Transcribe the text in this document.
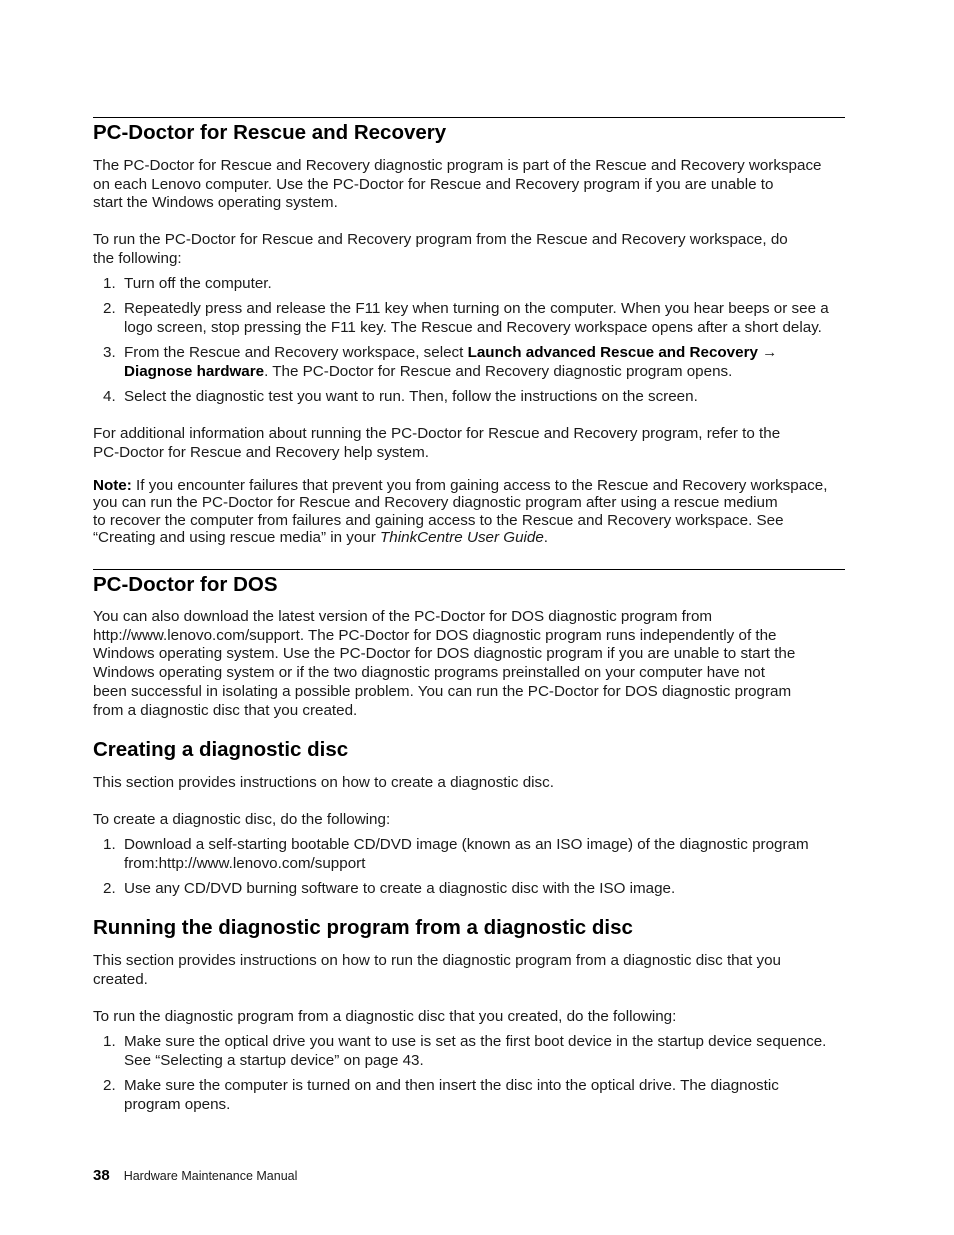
PC-Doctor for Rescue and Recovery

The PC-Doctor for Rescue and Recovery diagnostic program is part of the Rescue and Recovery workspace
on each Lenovo computer. Use the PC-Doctor for Rescue and Recovery program if you are unable to
start the Windows operating system.

To run the PC-Doctor for Rescue and Recovery program from the Rescue and Recovery workspace, do
the following:

1. Turn off the computer.
2. Repeatedly press and release the F11 key when turning on the computer. When you hear beeps or see a
logo screen, stop pressing the F11 key. The Rescue and Recovery workspace opens after a short delay.
3. From the Rescue and Recovery workspace, select Launch advanced Rescue and Recovery →
Diagnose hardware. The PC-Doctor for Rescue and Recovery diagnostic program opens.
4. Select the diagnostic test you want to run. Then, follow the instructions on the screen.

For additional information about running the PC-Doctor for Rescue and Recovery program, refer to the
PC-Doctor for Rescue and Recovery help system.

Note: If you encounter failures that prevent you from gaining access to the Rescue and Recovery workspace,
you can run the PC-Doctor for Rescue and Recovery diagnostic program after using a rescue medium
to recover the computer from failures and gaining access to the Rescue and Recovery workspace. See
“Creating and using rescue media” in your ThinkCentre User Guide.

PC-Doctor for DOS

You can also download the latest version of the PC-Doctor for DOS diagnostic program from
http://www.lenovo.com/support. The PC-Doctor for DOS diagnostic program runs independently of the
Windows operating system. Use the PC-Doctor for DOS diagnostic program if you are unable to start the
Windows operating system or if the two diagnostic programs preinstalled on your computer have not
been successful in isolating a possible problem. You can run the PC-Doctor for DOS diagnostic program
from a diagnostic disc that you created.

Creating a diagnostic disc

This section provides instructions on how to create a diagnostic disc.

To create a diagnostic disc, do the following:

1. Download a self-starting bootable CD/DVD image (known as an ISO image) of the diagnostic program
from:http://www.lenovo.com/support
2. Use any CD/DVD burning software to create a diagnostic disc with the ISO image.
Running the diagnostic program from a diagnostic disc

This section provides instructions on how to run the diagnostic program from a diagnostic disc that you
created.

To run the diagnostic program from a diagnostic disc that you created, do the following:

1. Make sure the optical drive you want to use is set as the first boot device in the startup device sequence.
See “Selecting a startup device” on page 43.
2. Make sure the computer is turned on and then insert the disc into the optical drive. The diagnostic
program opens.
38 Hardware Maintenance Manual
